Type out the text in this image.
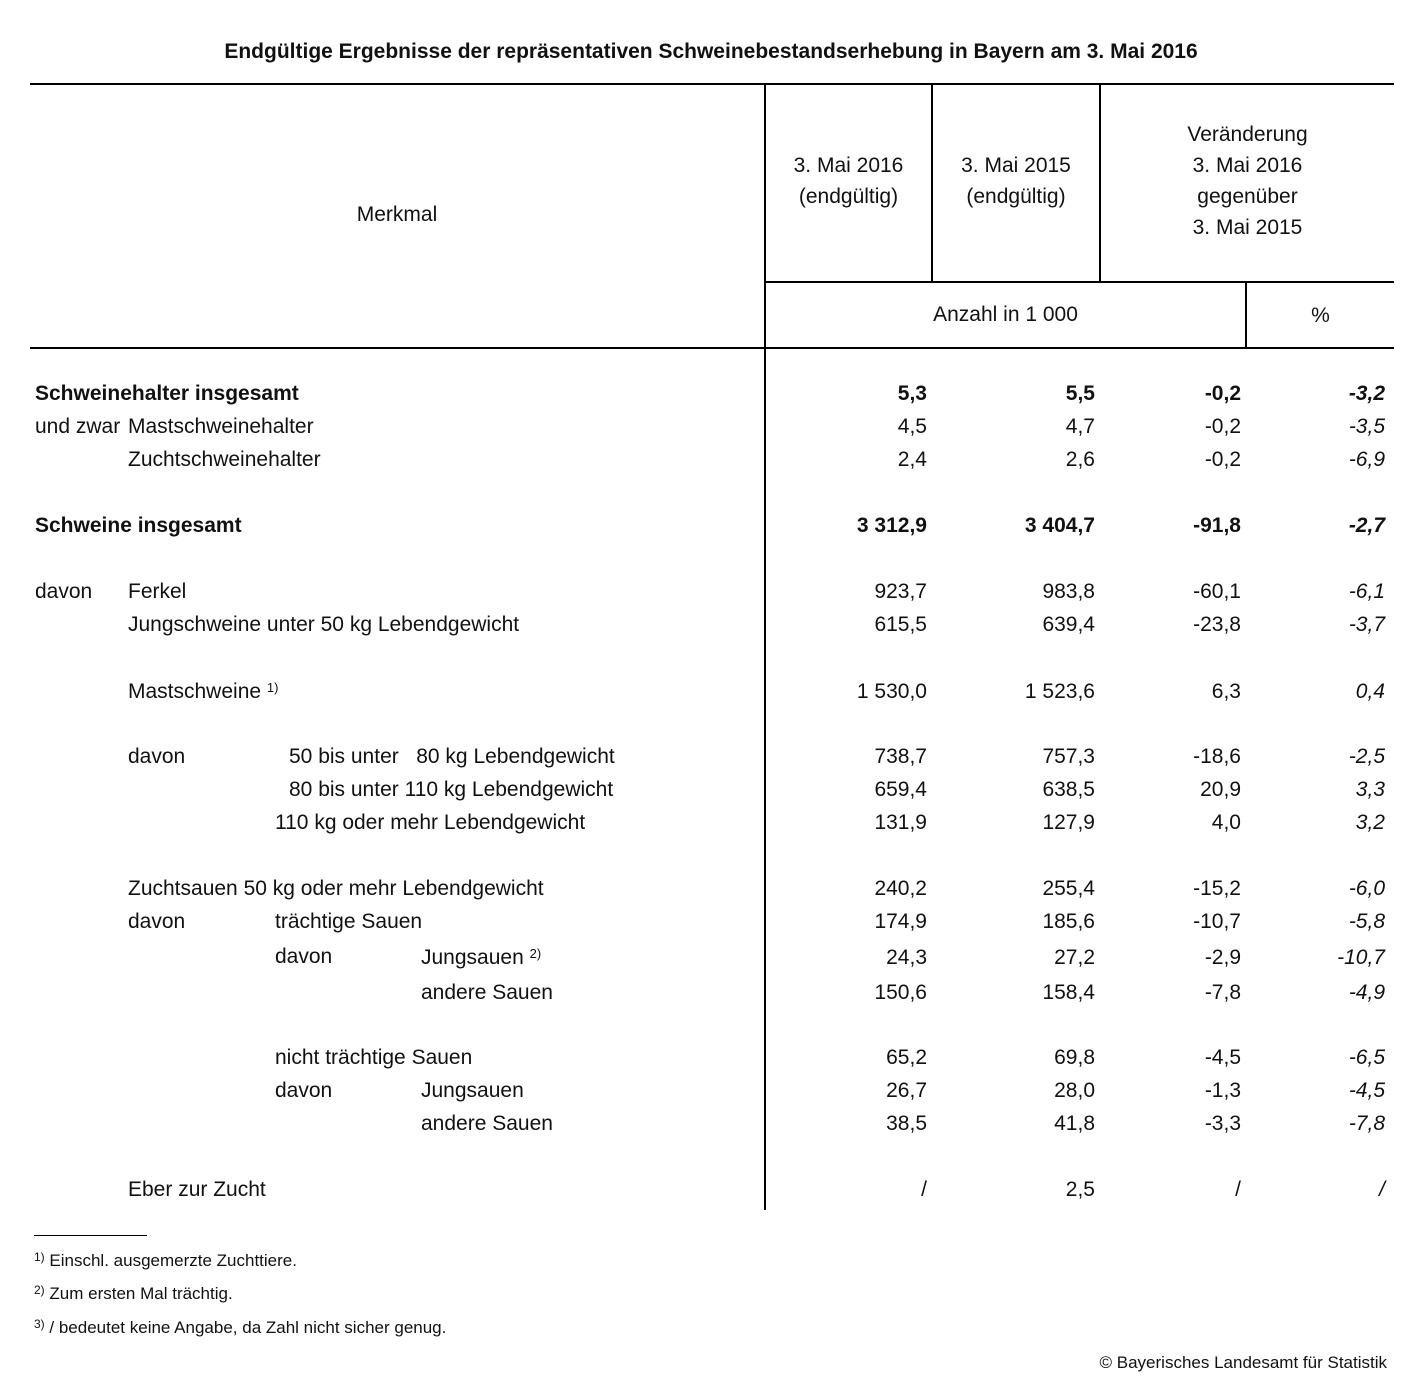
Endgültige Ergebnisse der repräsentativen Schweinebestandserhebung in Bayern am 3. Mai 2016
Merkmal
3. Mai 2016
(endgültig)
3. Mai 2015
(endgültig)
Veränderung
3. Mai 2016
gegenüber
3. Mai 2015
Anzahl in 1 000	%
Schweinehalter insgesamt	5,3	5,5	-0,2	-3,2
und zwar Mastschweinehalter	4,5	4,7	-0,2	-3,5
Zuchtschweinehalter	2,4	2,6	-0,2	-6,9
Schweine insgesamt	3 312,9	3 404,7	-91,8	-2,7
davon Ferkel	923,7	983,8	-60,1	-6,1
Jungschweine unter 50 kg Lebendgewicht	615,5	639,4	-23,8	-3,7
Mastschweine $^{1)}$	1 530,0	1 523,6	6,3	0,4
davon	50 bis unter   80 kg Lebendgewicht	738,7	757,3	-18,6	-2,5
80 bis unter 110 kg Lebendgewicht	659,4	638,5	20,9	3,3
110 kg oder mehr Lebendgewicht	131,9	127,9	4,0	3,2
Zuchtsauen 50 kg oder mehr Lebendgewicht	240,2	255,4	-15,2	-6,0
davon	trächtige Sauen	174,9	185,6	-10,7	-5,8
davon	Jungsauen $^{2)}$	24,3	27,2	-2,9	-10,7
andere Sauen	150,6	158,4	-7,8	-4,9
nicht trächtige Sauen	65,2	69,8	-4,5	-6,5
davon	Jungsauen	26,7	28,0	-1,3	-4,5
andere Sauen	38,5	41,8	-3,3	-7,8
Eber zur Zucht	/	2,5	/	/
$^{1)}$ Einschl. ausgemerzte Zuchttiere.
$^{2)}$ Zum ersten Mal trächtig.
$^{3)}$ / bedeutet keine Angabe, da Zahl nicht sicher genug.
© Bayerisches Landesamt für Statistik
